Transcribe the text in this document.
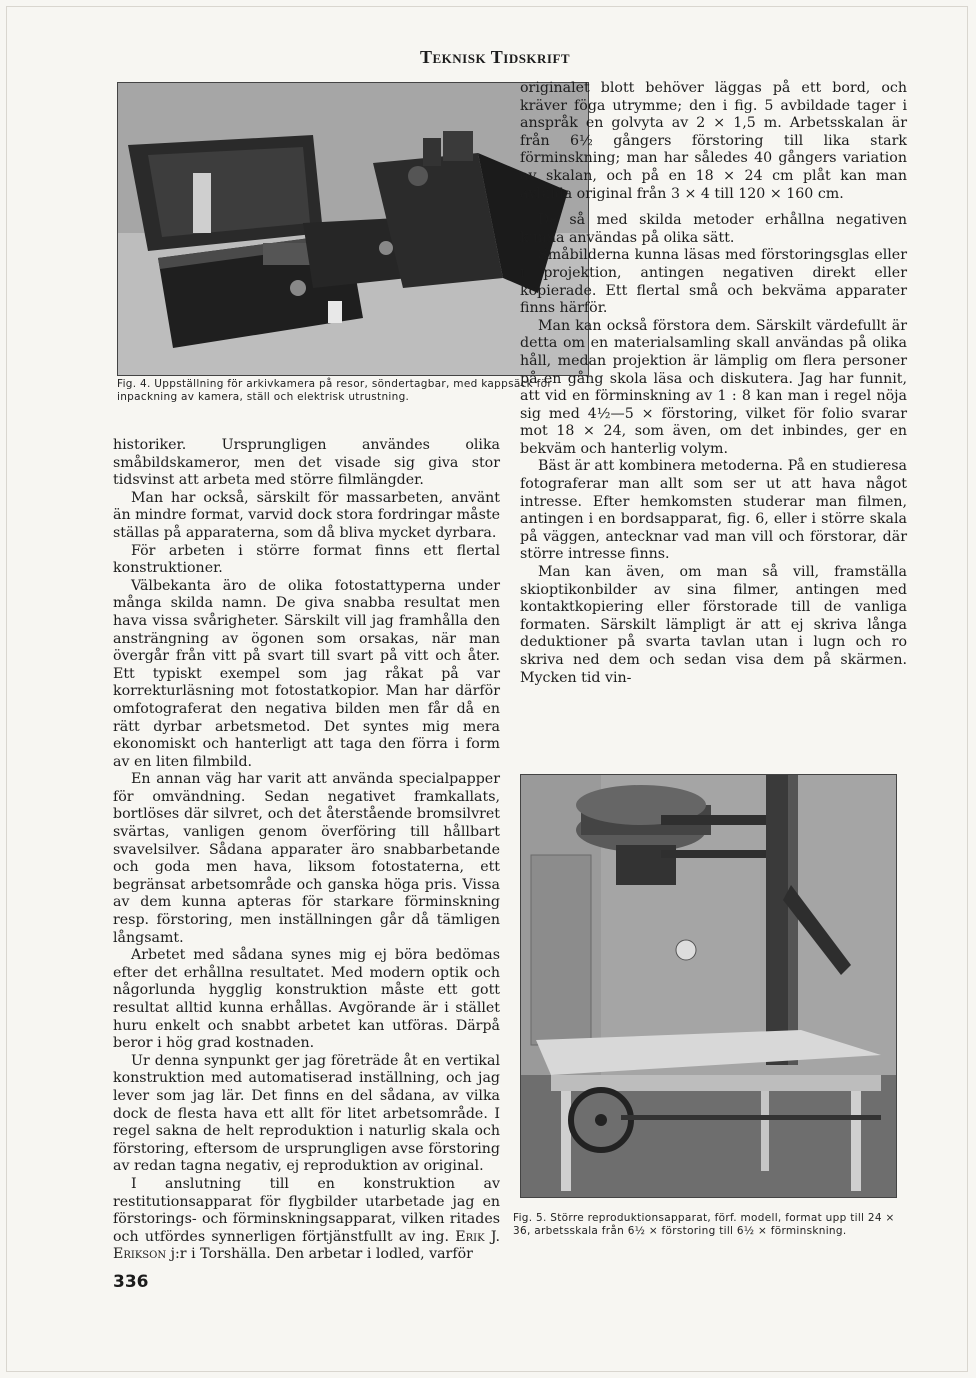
Teknisk Tidskrift
Fig. 4. Uppställning för arkivkamera på resor, söndertagbar, med kappsäck för inpackning av kamera, ställ och elektrisk utrustning.

historiker. Ursprungligen användes olika småbildskameror, men det visade sig giva stor tidsvinst att arbeta med större filmlängder.

Man har också, särskilt för massarbeten, använt än mindre format, varvid dock stora fordringar måste ställas på apparaterna, som då bliva mycket dyrbara.

För arbeten i större format finns ett flertal konstruktioner.

Välbekanta äro de olika fotostattyperna under många skilda namn. De giva snabba resultat men hava vissa svårigheter. Särskilt vill jag framhålla den ansträngning av ögonen som orsakas, när man övergår från vitt på svart till svart på vitt och åter. Ett typiskt exempel som jag råkat på var korrekturläsning mot fotostatkopior. Man har därför omfotograferat den negativa bilden men får då en rätt dyrbar arbetsmetod. Det syntes mig mera ekonomiskt och hanterligt att taga den förra i form av en liten filmbild.

En annan väg har varit att använda specialpapper för omvändning. Sedan negativet framkallats, bortlöses där silvret, och det återstående bromsilvret svärtas, vanligen genom överföring till hållbart svavelsilver. Sådana apparater äro snabbarbetande och goda men hava, liksom fotostaterna, ett begränsat arbetsområde och ganska höga pris. Vissa av dem kunna apteras för starkare förminskning resp. förstoring, men inställningen går då tämligen långsamt.

Arbetet med sådana synes mig ej böra bedömas efter det erhållna resultatet. Med modern optik och någorlunda hygglig konstruktion måste ett gott resultat alltid kunna erhållas. Avgörande är i stället huru enkelt och snabbt arbetet kan utföras. Därpå beror i hög grad kostnaden.

Ur denna synpunkt ger jag företräde åt en vertikal konstruktion med automatiserad inställning, och jag lever som jag lär. Det finns en del sådana, av vilka dock de flesta hava ett allt för litet arbetsområde. I regel sakna de helt reproduktion i naturlig skala och förstoring, eftersom de ursprungligen avse förstoring av redan tagna negativ, ej reproduktion av original.

I anslutning till en konstruktion av restitutionsapparat för flygbilder utarbetade jag en förstorings- och förminskningsapparat, vilken ritades och utfördes synnerligen förtjänstfullt av ing. Erik J. Erikson j:r i Torshälla. Den arbetar i lodled, varför

originalet blott behöver läggas på ett bord, och kräver föga utrymme; den i fig. 5 avbildade tager i anspråk en golvyta av 2 × 1,5 m. Arbetsskalan är från 6½ gångers förstoring till lika stark förminskning; man har således 40 gångers variation av skalan, och på en 18 × 24 cm plåt kan man avbilda original från 3 × 4 till 120 × 160 cm.

De så med skilda metoder erhållna negativen kunna användas på olika sätt.

Småbilderna kunna läsas med förstoringsglas eller i projektion, antingen negativen direkt eller kopierade. Ett flertal små och bekväma apparater finns härför.

Man kan också förstora dem. Särskilt värdefullt är detta om en materialsamling skall användas på olika håll, medan projektion är lämplig om flera personer på en gång skola läsa och diskutera. Jag har funnit, att vid en förminskning av 1 : 8 kan man i regel nöja sig med 4½—5 × förstoring, vilket för folio svarar mot 18 × 24, som även, om det inbindes, ger en bekväm och hanterlig volym.

Bäst är att kombinera metoderna. På en studieresa fotograferar man allt som ser ut att hava något intresse. Efter hemkomsten studerar man filmen, antingen i en bordsapparat, fig. 6, eller i större skala på väggen, antecknar vad man vill och förstorar, där större intresse finns.

Man kan även, om man så vill, framställa skioptikonbilder av sina filmer, antingen med kontaktkopiering eller förstorade till de vanliga formaten. Särskilt lämpligt är att ej skriva långa deduktioner på svarta tavlan utan i lugn och ro skriva ned dem och sedan visa dem på skärmen. Mycken tid vin-

Fig. 5. Större reproduktionsapparat, förf. modell, format upp till 24 × 36, arbetsskala från 6½ × förstoring till 6½ × förminskning.
336
